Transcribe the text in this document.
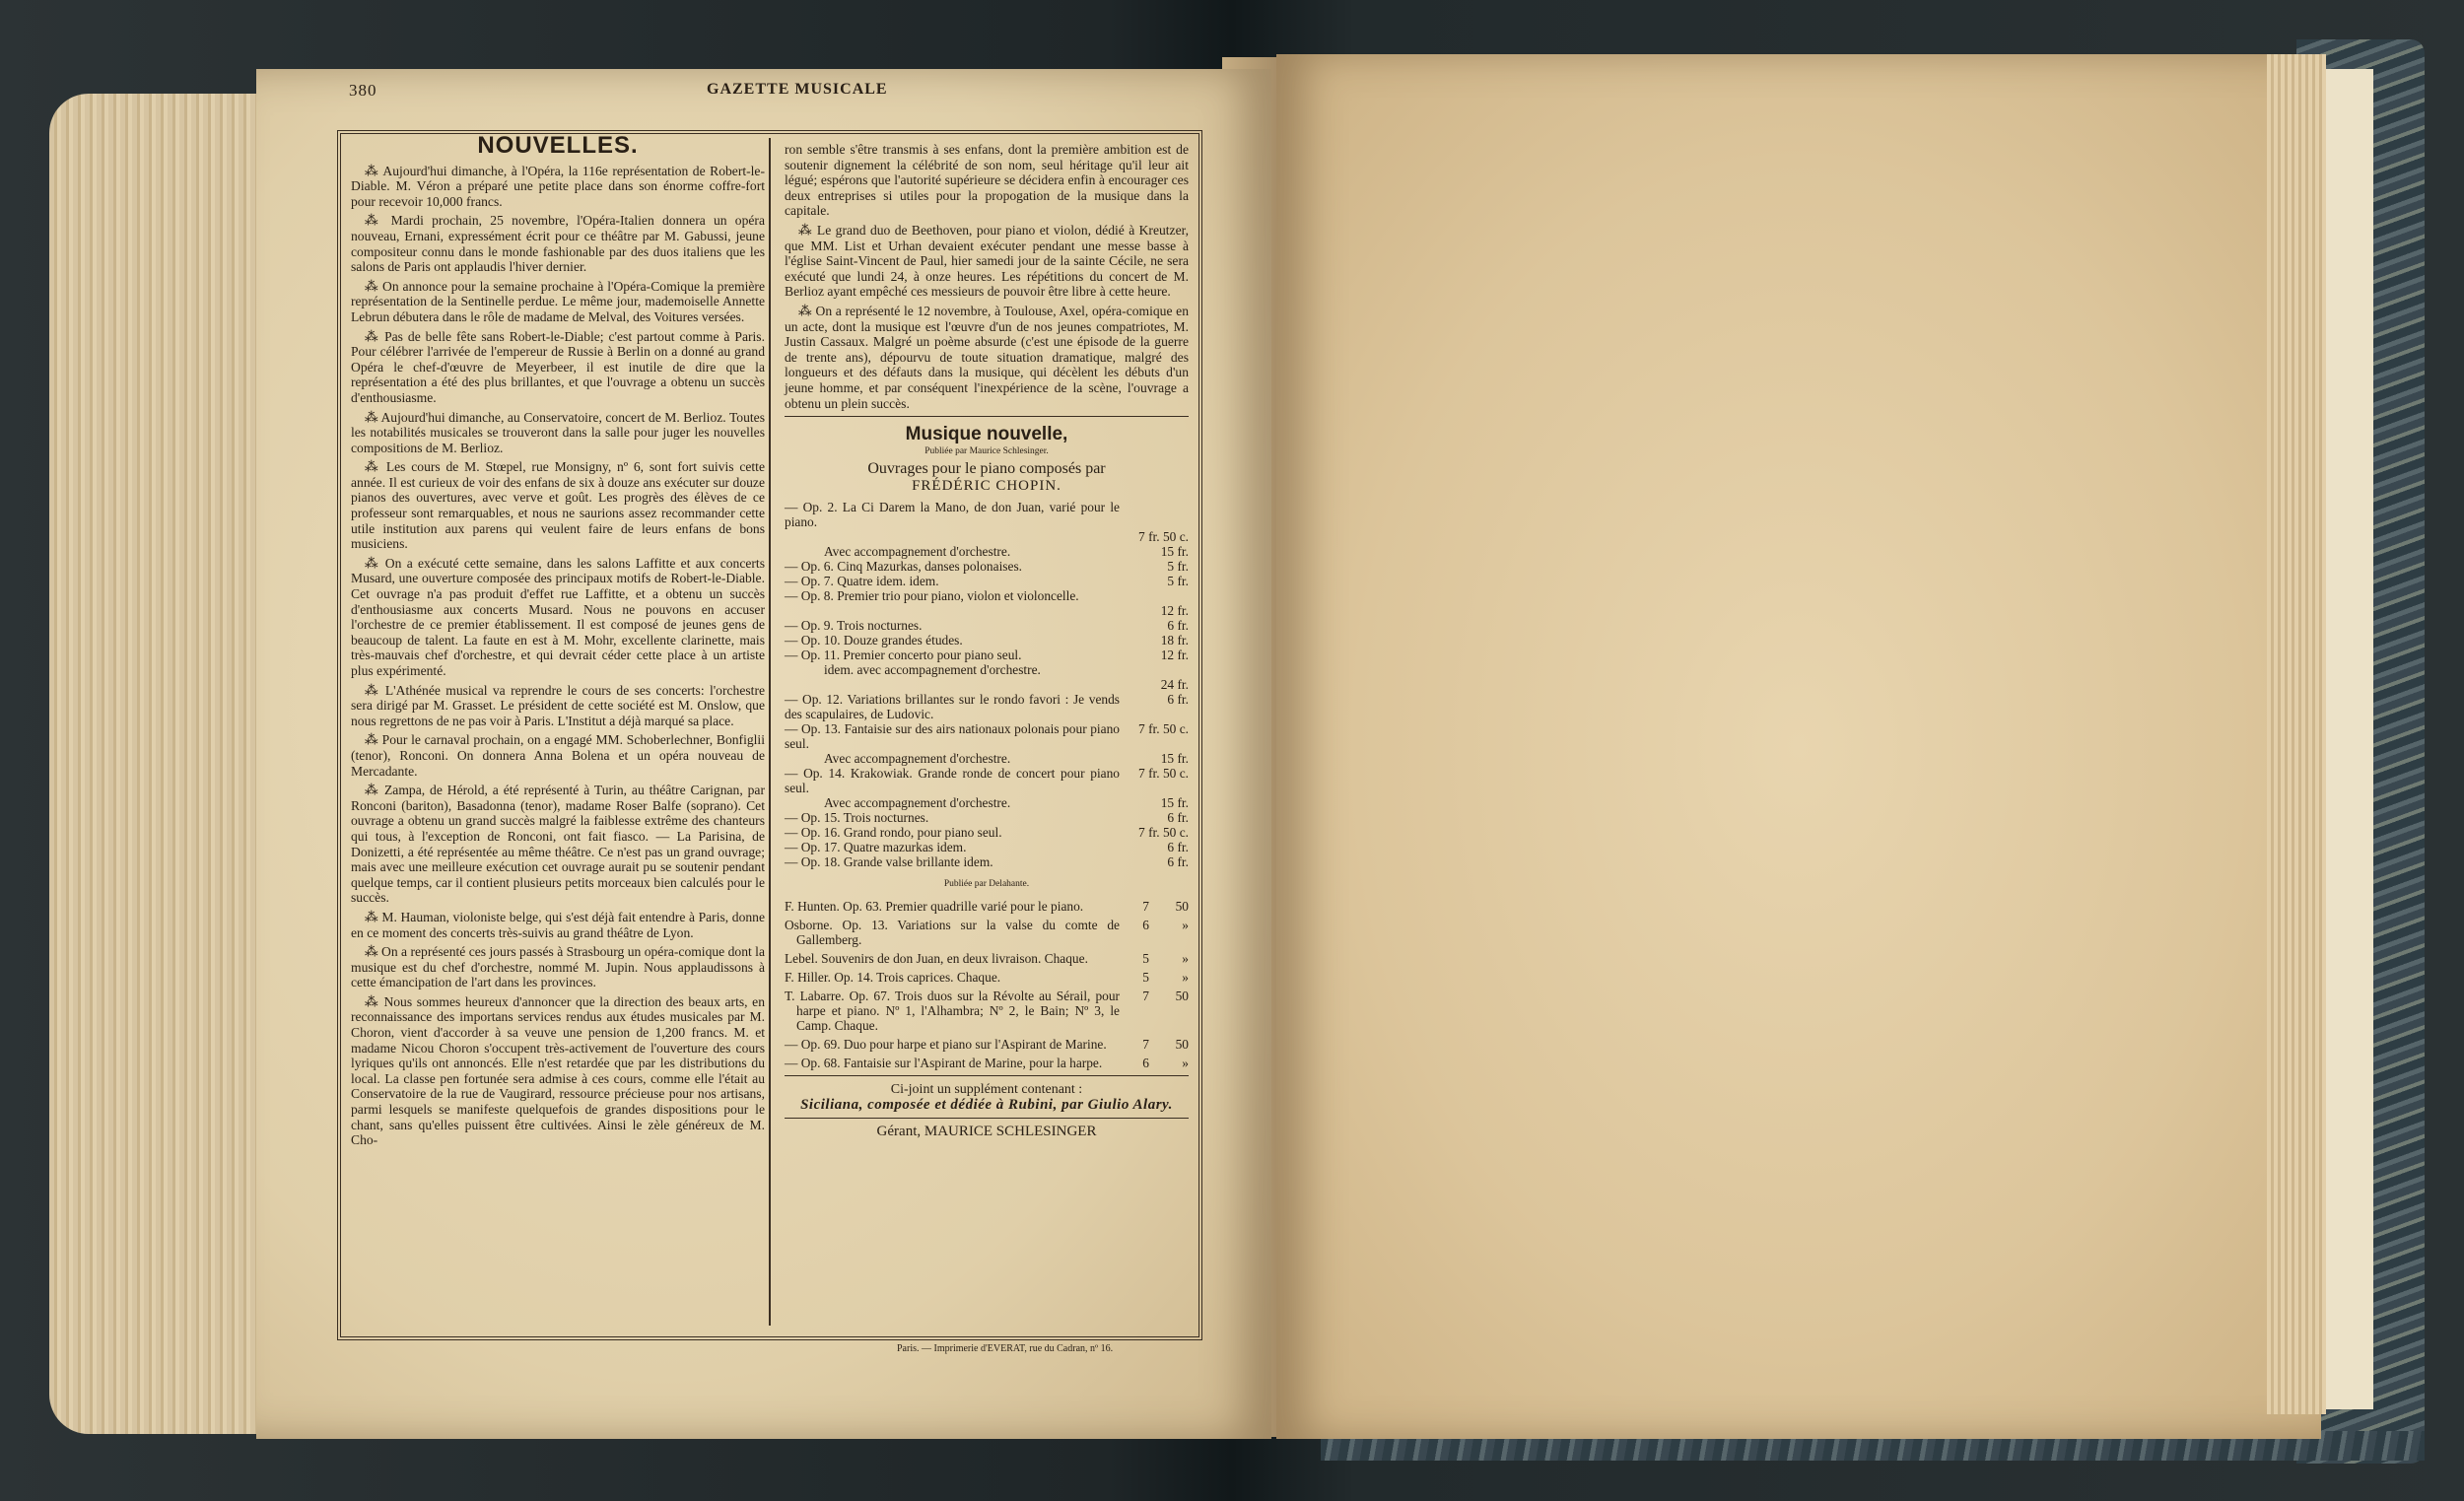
380	GAZETTE MUSICALE
NOUVELLES.

⁂ Aujourd'hui dimanche, à l'Opéra, la 116e représentation de Robert-le-Diable. M. Véron a préparé une petite place dans son énorme coffre-fort pour recevoir 10,000 francs.

⁂ Mardi prochain, 25 novembre, l'Opéra-Italien donnera un opéra nouveau, Ernani, expressément écrit pour ce théâtre par M. Gabussi, jeune compositeur connu dans le monde fashionable par des duos italiens que les salons de Paris ont applaudis l'hiver dernier.

⁂ On annonce pour la semaine prochaine à l'Opéra-Comique la première représentation de la Sentinelle perdue. Le même jour, mademoiselle Annette Lebrun débutera dans le rôle de madame de Melval, des Voitures versées.

⁂ Pas de belle fête sans Robert-le-Diable; c'est partout comme à Paris. Pour célébrer l'arrivée de l'empereur de Russie à Berlin on a donné au grand Opéra le chef-d'œuvre de Meyerbeer, il est inutile de dire que la représentation a été des plus brillantes, et que l'ouvrage a obtenu un succès d'enthousiasme.

⁂ Aujourd'hui dimanche, au Conservatoire, concert de M. Berlioz. Toutes les notabilités musicales se trouveront dans la salle pour juger les nouvelles compositions de M. Berlioz.

⁂ Les cours de M. Stœpel, rue Monsigny, nº 6, sont fort suivis cette année. Il est curieux de voir des enfans de six à douze ans exécuter sur douze pianos des ouvertures, avec verve et goût. Les progrès des élèves de ce professeur sont remarquables, et nous ne saurions assez recommander cette utile institution aux parens qui veulent faire de leurs enfans de bons musiciens.

⁂ On a exécuté cette semaine, dans les salons Laffitte et aux concerts Musard, une ouverture composée des principaux motifs de Robert-le-Diable. Cet ouvrage n'a pas produit d'effet rue Laffitte, et a obtenu un succès d'enthousiasme aux concerts Musard. Nous ne pouvons en accuser l'orchestre de ce premier établissement. Il est composé de jeunes gens de beaucoup de talent. La faute en est à M. Mohr, excellente clarinette, mais très-mauvais chef d'orchestre, et qui devrait céder cette place à un artiste plus expérimenté.

⁂ L'Athénée musical va reprendre le cours de ses concerts: l'orchestre sera dirigé par M. Grasset. Le président de cette société est M. Onslow, que nous regrettons de ne pas voir à Paris. L'Institut a déjà marqué sa place.

⁂ Pour le carnaval prochain, on a engagé MM. Schoberlechner, Bonfiglii (tenor), Ronconi. On donnera Anna Bolena et un opéra nouveau de Mercadante.

⁂ Zampa, de Hérold, a été représenté à Turin, au théâtre Carignan, par Ronconi (bariton), Basadonna (tenor), madame Roser Balfe (soprano). Cet ouvrage a obtenu un grand succès malgré la faiblesse extrême des chanteurs qui tous, à l'exception de Ronconi, ont fait fiasco. — La Parisina, de Donizetti, a été représentée au même théâtre. Ce n'est pas un grand ouvrage; mais avec une meilleure exécution cet ouvrage aurait pu se soutenir pendant quelque temps, car il contient plusieurs petits morceaux bien calculés pour le succès.

⁂ M. Hauman, violoniste belge, qui s'est déjà fait entendre à Paris, donne en ce moment des concerts très-suivis au grand théâtre de Lyon.

⁂ On a représenté ces jours passés à Strasbourg un opéra-comique dont la musique est du chef d'orchestre, nommé M. Jupin. Nous applaudissons à cette émancipation de l'art dans les provinces.

⁂ Nous sommes heureux d'annoncer que la direction des beaux arts, en reconnaissance des importans services rendus aux études musicales par M. Choron, vient d'accorder à sa veuve une pension de 1,200 francs. M. et madame Nicou Choron s'occupent très-activement de l'ouverture des cours lyriques qu'ils ont annoncés. Elle n'est retardée que par les distributions du local. La classe pen fortunée sera admise à ces cours, comme elle l'était au Conservatoire de la rue de Vaugirard, ressource précieuse pour nos artisans, parmi lesquels se manifeste quelquefois de grandes dispositions pour le chant, sans qu'elles puissent être cultivées. Ainsi le zèle généreux de M. Cho-

ron semble s'être transmis à ses enfans, dont la première ambition est de soutenir dignement la célébrité de son nom, seul héritage qu'il leur ait légué; espérons que l'autorité supérieure se décidera enfin à encourager ces deux entreprises si utiles pour la propogation de la musique dans la capitale.

⁂ Le grand duo de Beethoven, pour piano et violon, dédié à Kreutzer, que MM. List et Urhan devaient exécuter pendant une messe basse à l'église Saint-Vincent de Paul, hier samedi jour de la sainte Cécile, ne sera exécuté que lundi 24, à onze heures. Les répétitions du concert de M. Berlioz ayant empêché ces messieurs de pouvoir être libre à cette heure.

⁂ On a représenté le 12 novembre, à Toulouse, Axel, opéra-comique en un acte, dont la musique est l'œuvre d'un de nos jeunes compatriotes, M. Justin Cassaux. Malgré un poème absurde (c'est une épisode de la guerre de trente ans), dépourvu de toute situation dramatique, malgré des longueurs et des défauts dans la musique, qui décèlent les débuts d'un jeune homme, et par conséquent l'inexpérience de la scène, l'ouvrage a obtenu un plein succès.

Musique nouvelle,
Publiée par Maurice Schlesinger.
Ouvrages pour le piano composés par
FRÉDÉRIC CHOPIN.
— Op. 2. La Ci Darem la Mano, de don Juan, varié pour le piano.
7 fr. 50 c.
Avec accompagnement d'orchestre.	15 fr.
— Op. 6. Cinq Mazurkas, danses polonaises.	5 fr.
— Op. 7. Quatre idem. idem.	5 fr.
— Op. 8. Premier trio pour piano, violon et violoncelle.
12 fr.
— Op. 9. Trois nocturnes.	6 fr.
— Op. 10. Douze grandes études.	18 fr.
— Op. 11. Premier concerto pour piano seul.	12 fr.
idem. avec accompagnement d'orchestre.
24 fr.
— Op. 12. Variations brillantes sur le rondo favori : Je vends des scapulaires, de Ludovic.
6 fr.
— Op. 13. Fantaisie sur des airs nationaux polonais pour piano seul.
7 fr. 50 c.
Avec accompagnement d'orchestre.	15 fr.
— Op. 14. Krakowiak. Grande ronde de concert pour piano seul.
7 fr. 50 c.
Avec accompagnement d'orchestre.	15 fr.
— Op. 15. Trois nocturnes.	6 fr.
— Op. 16. Grand rondo, pour piano seul.	7 fr. 50 c.
— Op. 17. Quatre mazurkas idem.	6 fr.
— Op. 18. Grande valse brillante idem.	6 fr.
Publiée par Delahante.
F. Hunten. Op. 63. Premier quadrille varié pour le piano.	7	50
Osborne. Op. 13. Variations sur la valse du comte de Gallemberg.
6	»
Lebel. Souvenirs de don Juan, en deux livraison. Chaque.	5	»
F. Hiller. Op. 14. Trois caprices. Chaque.	5	»
T. Labarre. Op. 67. Trois duos sur la Révolte au Sérail, pour harpe et piano. Nº 1, l'Alhambra; Nº 2, le Bain; Nº 3, le Camp. Chaque.
7	50
— Op. 69. Duo pour harpe et piano sur l'Aspirant de Marine.	7	50
— Op. 68. Fantaisie sur l'Aspirant de Marine, pour la harpe.	6	»
Ci-joint un supplément contenant :
Siciliana, composée et dédiée à Rubini, par Giulio Alary.
Gérant, MAURICE SCHLESINGER
Paris. — Imprimerie d'EVERAT, rue du Cadran, nº 16.
